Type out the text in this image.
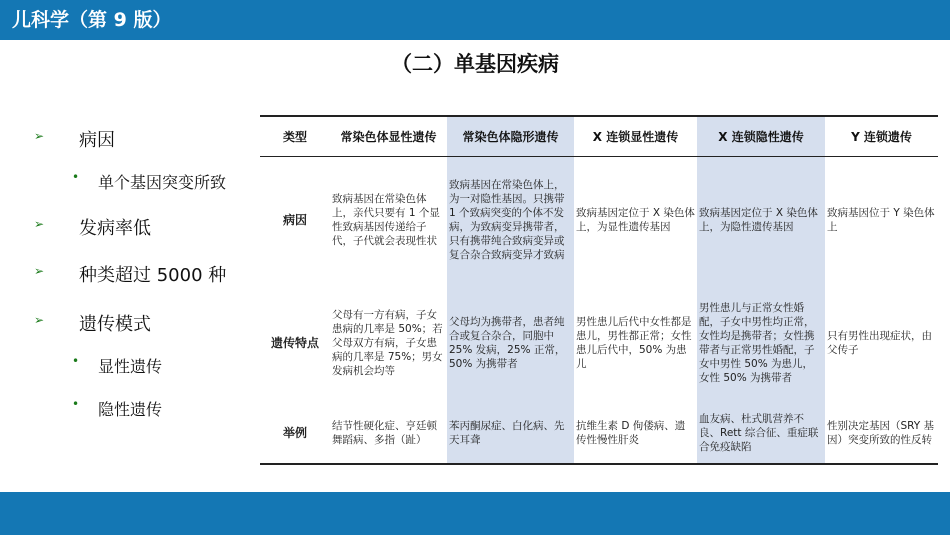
儿科学（第 9 版）
（二）单基因疾病
➢ 病因
• 单个基因突变所致
➢ 发病率低
➢ 种类超过 5000 种
➢ 遗传模式
• 显性遗传
• 隐性遗传
类型	常染色体显性遗传	常染色体隐形遗传	X 连锁显性遗传	X 连锁隐性遗传	Y 连锁遗传
病因	致病基因在常染色体上，亲代只要有 1 个显性致病基因传递给子代，子代就会表现性状	致病基因在常染色体上，为一对隐性基因。只携带 1 个致病突变的个体不发病，为致病变异携带者，只有携带纯合致病变异或复合杂合致病变异才致病	致病基因定位于 X 染色体上，为显性遗传基因	致病基因定位于 X 染色体上，为隐性遗传基因	致病基因位于 Y 染色体上
遗传特点	父母有一方有病，子女患病的几率是 50%；若父母双方有病，子女患病的几率是 75%；男女发病机会均等	父母均为携带者，患者纯合或复合杂合，同胞中 25% 发病，25% 正常，50% 为携带者	男性患儿后代中女性都是患儿，男性都正常；女性患儿后代中，50% 为患儿	男性患儿与正常女性婚配，子女中男性均正常，女性均是携带者；女性携带者与正常男性婚配，子女中男性 50% 为患儿，女性 50% 为携带者	只有男性出现症状，由父传子
举例	结节性硬化症、亨廷顿舞蹈病、多指（趾）	苯丙酮尿症、白化病、先天耳聋	抗维生素 D 佝偻病、遗传性慢性肝炎	血友病、杜式肌营养不良、Rett 综合征、重症联合免疫缺陷	性别决定基因（SRY 基因）突变所致的性反转
